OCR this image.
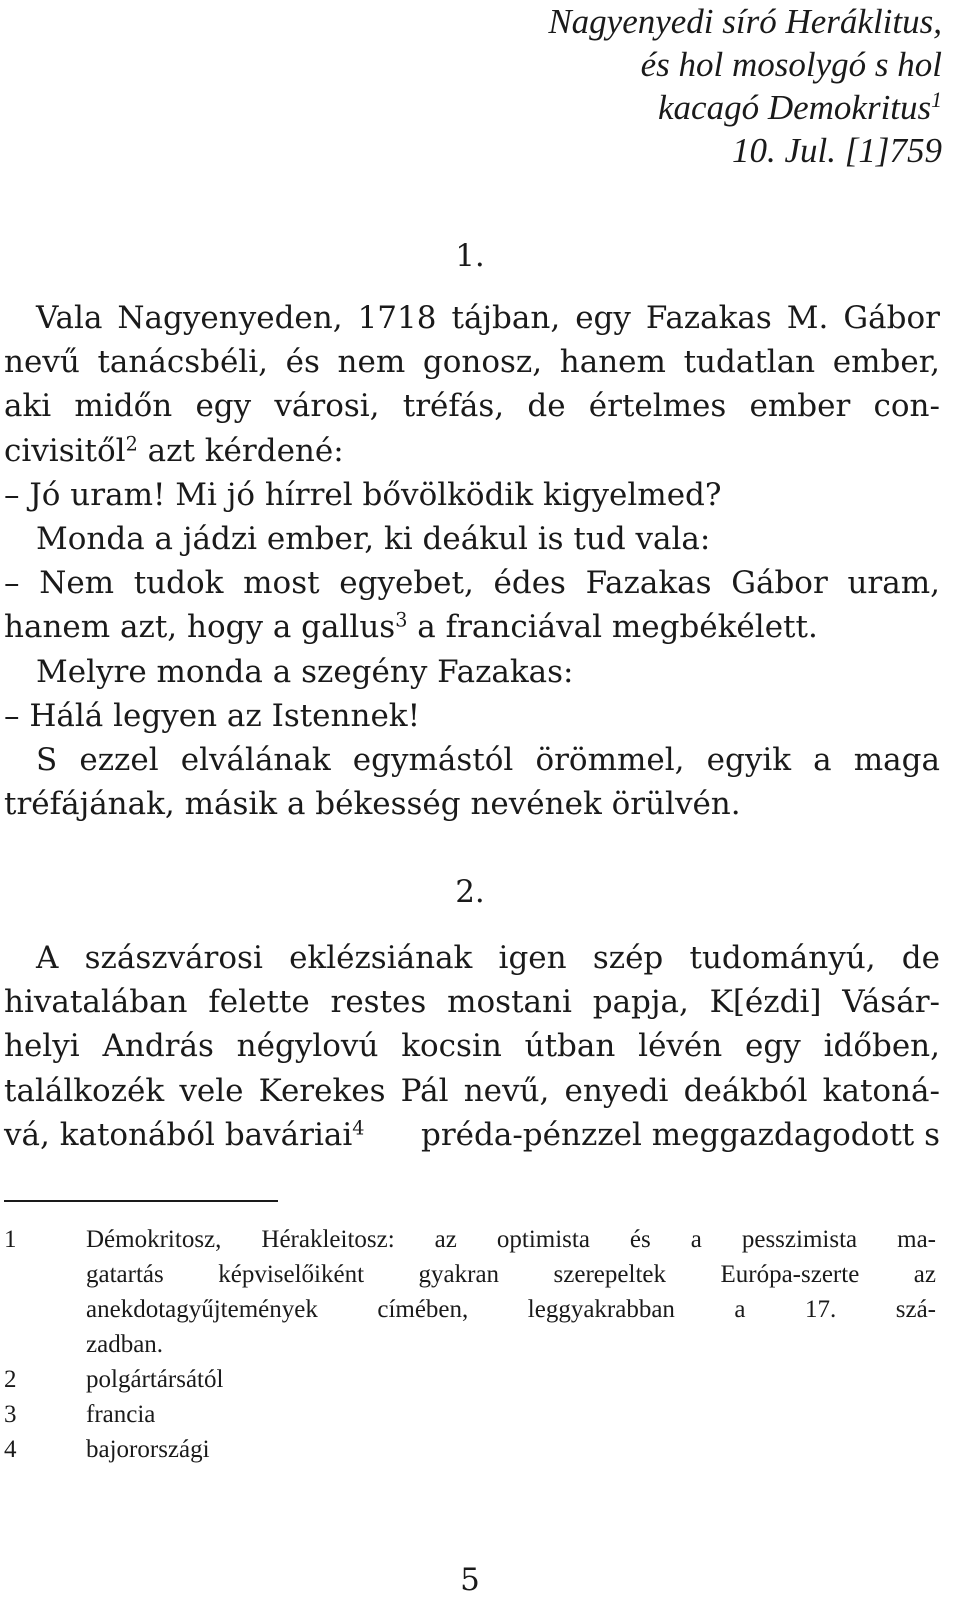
Nagyenyedi síró Heráklitus,
és hol mosolygó s hol
kacagó Demokritus$^1$
10. Jul. [1]759
1.
Vala Nagyenyeden, 1718 tájban, egy Fazakas M. Gábor
nevű tanácsbéli, és nem gonosz, hanem tudatlan ember,
aki midőn egy városi, tréfás, de értelmes ember con-
civisitől$^2$ azt kérdené:
– Jó uram! Mi jó hírrel bővölködik kigyelmed?
Monda a jádzi ember, ki deákul is tud vala:
– Nem tudok most egyebet, édes Fazakas Gábor uram,
hanem azt, hogy a gallus$^3$ a franciával megbékélett.
Melyre monda a szegény Fazakas:
– Hálá legyen az Istennek!
S ezzel elválának egymástól örömmel, egyik a maga
tréfájának, másik a békesség nevének örülvén.
2.
A szászvárosi eklézsiának igen szép tudományú, de
hivatalában felette restes mostani papja, K[ézdi] Vásár-
helyi András négylovú kocsin útban lévén egy időben,
találkozék vele Kerekes Pál nevű, enyedi deákból katoná-
vá, katonából baváriai$^4$ préda-pénzzel meggazdagodott s
1	Démokritosz, Hérakleitosz: az optimista és a pesszimista ma-
gatartás képviselőiként gyakran szerepeltek Európa-szerte az
anekdotagyűjtemények címében, leggyakrabban a 17. szá-
zadban.
2	polgártársától
3	francia
4	bajorországi
5
